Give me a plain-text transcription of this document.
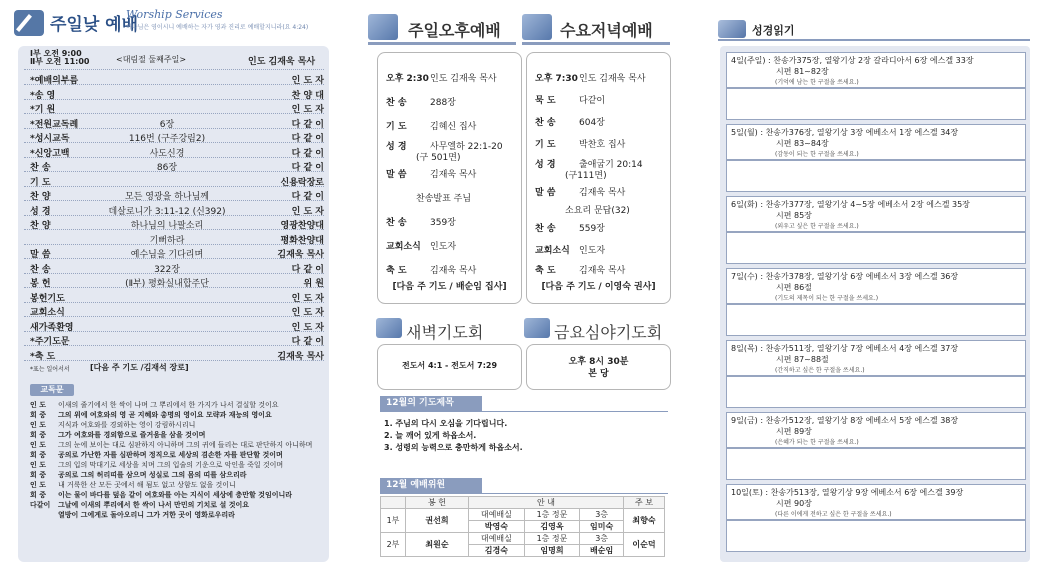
주일낮 예배
Worship Services
하나님은 영이시니 예배하는 자가 영과 진리로 예배할지니라(요 4:24)
Ⅰ부 오전 9:00
Ⅱ부 오전 11:00	<대림절 둘째주일>	인도 김재욱 목사
*예배의부름	인 도 자
*송 영	찬 양 대
*기 원	인 도 자
*전원교독례	6장	다 같 이
*성시교독	116번 (구주강림2)	다 같 이
*신앙고백	사도신경	다 같 이
찬 송	86장	다 같 이
기 도	신용락장로
찬 양	모든 영광을 하나님께	다 같 이
성 경	데살로니가 3:11-12 (신392)	인 도 자
찬 양	하나님의 나팔소리	영광찬양대
기뻐하라	평화찬양대
말 씀	예수님을 기다리며	김재욱 목사
찬 송	322장	다 같 이
봉 헌	(Ⅱ부) 평화실내합주단	위 원
봉헌기도	인 도 자
교회소식	인 도 자
새가족환영	인 도 자
*주기도문	다 같 이
*축 도	김재욱 목사
*표는 일어서서	[다음 주 기도 /김재석 장로]
교독문
인 도 이새의 줄기에서 한 싹이 나며 그 뿌리에서 한 가지가 나서 결실할 것이요
회 중 그의 위에 여호와의 영 곧 지혜와 총명의 영이요 모략과 재능의 영이요
인 도 지식과 여호와를 경외하는 영이 강림하시리니
회 중 그가 여호와를 경외함으로 즐거움을 삼을 것이며
인 도 그의 눈에 보이는 대로 심판하지 아니하며 그의 귀에 들리는 대로 판단하지 아니하며
회 중 공의로 가난한 자를 심판하며 정직으로 세상의 겸손한 자를 판단할 것이며
인 도 그의 입의 막대기로 세상을 치며 그의 입술의 기운으로 악인을 죽일 것이며
회 중 공의로 그의 허리띠를 삼으며 성실로 그의 몸의 띠를 삼으리라
인 도 내 거룩한 산 모든 곳에서 해 됨도 없고 상함도 없을 것이니
회 중 이는 물이 바다를 덮음 같이 여호와를 아는 지식이 세상에 충만할 것임이니라
다같이 그날에 이새의 뿌리에서 한 싹이 나서 만민의 기치로 설 것이요
열방이 그에게로 돌아오리니 그가 거한 곳이 영화로우리라
주일오후예배	수요저녁예배
오후 2:30인도 김재욱 목사
찬 송	288장
기 도	김혜신 집사
성 경	사무엘하 22:1-20
(구 501면)
말 씀	김재욱 목사
찬송발표 주님
찬 송	359장
교회소식 인도자
축 도	김재욱 목사
[다음 주 기도 / 배순임 집사]
오후 7:30인도 김재욱 목사
묵 도	다같이
찬 송	604장
기 도	박찬호 집사
성 경	출애굽기 20:14
(구111면)
말 씀	김재욱 목사
소요리 문답(32)
찬 송	559장
교회소식 인도자
축 도	김재욱 목사
[다음 주 기도 / 이영숙 권사]
새벽기도회	금요심야기도회
전도서 4:1 - 전도서 7:29	오후 8시 30분
본 당
12월의 기도제목
1. 주님의 다시 오심을 기다립니다.
2. 늘 깨어 있게 하옵소서.
3. 성령의 능력으로 충만하게 하옵소서.
12월 예배위원
	봉 헌	안 내			주 보
1부	권선희	대예배실	1층 정문	3층	최향숙
		박영숙	김영옥	임미숙	
2부	최원순	대예배실	1층 정문	3층	이순덕
		김경숙	임명희	배순임	
성경읽기
4일(주일) : 찬송가375장, 열왕기상 2장 갈라디아서 6장 에스겔 33장
시편 81~82장
(기억에 남는 한 구절을 쓰세요.)
5일(월) : 찬송가376장, 열왕기상 3장 에베소서 1장 에스겔 34장
시편 83~84장
(감동이 되는 한 구절을 쓰세요.)
6일(화) : 찬송가377장, 열왕기상 4~5장 에베소서 2장 에스겔 35장
시편 85장
(외우고 싶은 한 구절을 쓰세요.)
7일(수) : 찬송가378장, 열왕기상 6장 에베소서 3장 에스겔 36장
시편 86절
(기도의 제목이 되는 한 구절을 쓰세요.)
8일(목) : 찬송가511장, 열왕기상 7장 에베소서 4장 에스겔 37장
시편 87~88절
(간직하고 싶은 한 구절을 쓰세요.)
9일(금) : 찬송가512장, 열왕기상 8장 에베소서 5장 에스겔 38장
시편 89장
(은혜가 되는 한 구절을 쓰세요.)
10일(토) : 찬송가513장, 열왕기상 9장 에베소서 6장 에스겔 39장
시편 90장
(다른 이에게 전하고 싶은 한 구절을 쓰세요.)
